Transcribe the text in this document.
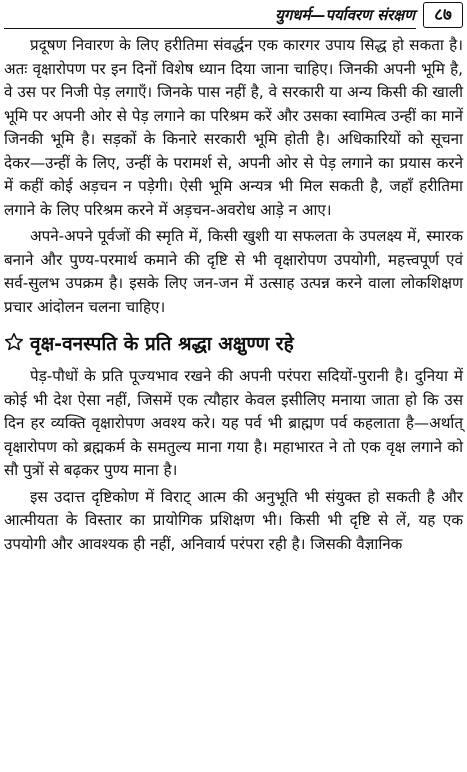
युगधर्म—पर्यावरण संरक्षण	८७

प्रदूषण निवारण के लिए हरीतिमा संवर्द्धन एक कारगर उपाय सिद्ध हो सकता है। अतः वृक्षारोपण पर इन दिनों विशेष ध्यान दिया जाना चाहिए। जिनकी अपनी भूमि है, वे उस पर निजी पेड़ लगाएँ। जिनके पास नहीं है, वे सरकारी या अन्य किसी की खाली भूमि पर अपनी ओर से पेड़ लगाने का परिश्रम करें और उसका स्वामित्व उन्हीं का मानें जिनकी भूमि है। सड़कों के किनारे सरकारी भूमि होती है। अधिकारियों को सूचना देकर—उन्हीं के लिए, उन्हीं के परामर्श से, अपनी ओर से पेड़ लगाने का प्रयास करने में कहीं कोई अड़चन न पड़ेगी। ऐसी भूमि अन्यत्र भी मिल सकती है, जहाँ हरीतिमा लगाने के लिए परिश्रम करने में अड़चन-अवरोध आड़े न आए।

अपने-अपने पूर्वजों की स्मृति में, किसी खुशी या सफलता के उपलक्ष्य में, स्मारक बनाने और पुण्य-परमार्थ कमाने की दृष्टि से भी वृक्षारोपण उपयोगी, महत्त्वपूर्ण एवं सर्व-सुलभ उपक्रम है। इसके लिए जन-जन में उत्साह उत्पन्न करने वाला लोकशिक्षण प्रचार आंदोलन चलना चाहिए।

वृक्ष-वनस्पति के प्रति श्रद्धा अक्षुण्ण रहे

पेड़-पौधों के प्रति पूज्यभाव रखने की अपनी परंपरा सदियों-पुरानी है। दुनिया में कोई भी देश ऐसा नहीं, जिसमें एक त्यौहार केवल इसीलिए मनाया जाता हो कि उस दिन हर व्यक्ति वृक्षारोपण अवश्य करे। यह पर्व भी ब्राह्मण पर्व कहलाता है—अर्थात् वृक्षारोपण को ब्रह्मकर्म के समतुल्य माना गया है। महाभारत ने तो एक वृक्ष लगाने को सौ पुत्रों से बढ़कर पुण्य माना है।

इस उदात्त दृष्टिकोण में विराट् आत्म की अनुभूति भी संयुक्त हो सकती है और आत्मीयता के विस्तार का प्रायोगिक प्रशिक्षण भी। किसी भी दृष्टि से लें, यह एक उपयोगी और आवश्यक ही नहीं, अनिवार्य परंपरा रही है। जिसकी वैज्ञानिक
